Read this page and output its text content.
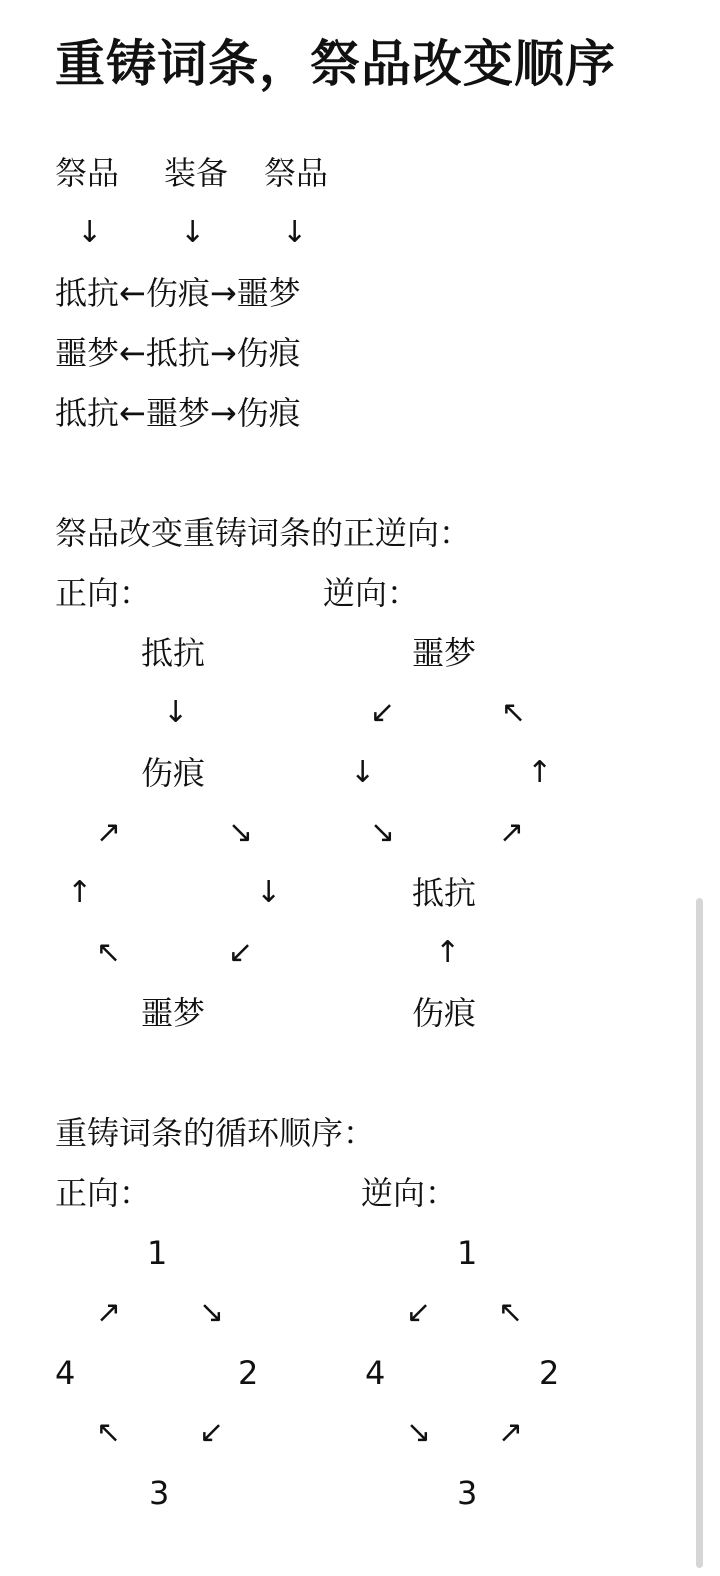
重铸词条，祭品改变顺序
祭品 装备 祭品
↓	↓	↓
抵抗←伤痕→噩梦
噩梦←抵抗→伤痕
抵抗←噩梦→伤痕
祭品改变重铸词条的正逆向：
正向：	逆向：
抵抗
↓
伤痕
↗	↘
↑	↓
↖	↙
噩梦
噩梦
↙	↖
↓	↑
↘	↗
抵抗
↑
伤痕
重铸词条的循环顺序：
正向：	逆向：
1
↗	↘
4	2
↖	↙
3
1
↙ ↖
4	2
↘ ↗
3
